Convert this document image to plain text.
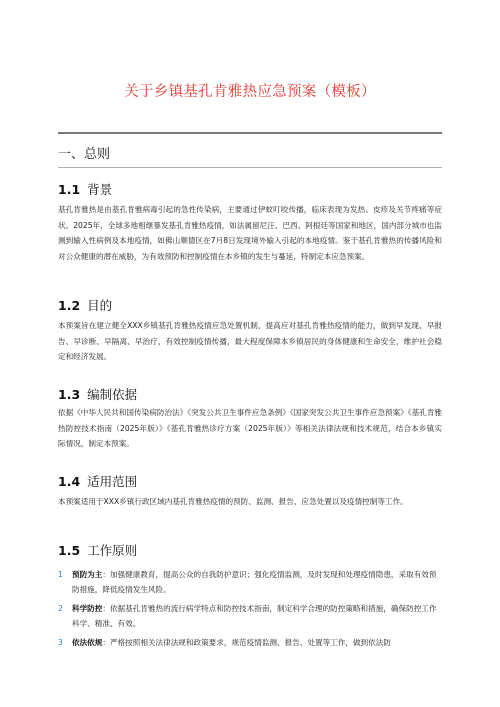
关于乡镇基孔肯雅热应急预案（模板）
一、总则
1.1 背景
基孔肯雅热是由基孔肯雅病毒引起的急性传染病，主要通过伊蚊叮咬传播，临床表现为发热、皮疹及关节疼痛等症状。2025年，全球多地相继暴发基孔肯雅热疫情，如法属留尼汪、巴西、阿根廷等国家和地区，国内部分城市也监测到输入性病例及本地疫情，如佛山顺德区在7月8日发现境外输入引起的本地疫情。鉴于基孔肯雅热的传播风险和对公众健康的潜在威胁，为有效预防和控制疫情在本乡镇的发生与蔓延，特制定本应急预案。
1.2 目的
本预案旨在建立健全XXX乡镇基孔肯雅热疫情应急处置机制，提高应对基孔肯雅热疫情的能力，做到早发现、早报告、早诊断、早隔离、早治疗，有效控制疫情传播，最大程度保障本乡镇居民的身体健康和生命安全，维护社会稳定和经济发展。
1.3 编制依据
依据《中华人民共和国传染病防治法》《突发公共卫生事件应急条例》《国家突发公共卫生事件应急预案》《基孔肯雅热防控技术指南（2025年版）》《基孔肯雅热诊疗方案（2025年版）》等相关法律法规和技术规范，结合本乡镇实际情况，制定本预案。
1.4 适用范围
本预案适用于XXX乡镇行政区域内基孔肯雅热疫情的预防、监测、报告、应急处置以及疫情控制等工作。
1.5 工作原则
1 预防为主：加强健康教育，提高公众的自我防护意识；强化疫情监测，及时发现和处理疫情隐患，采取有效预防措施，降低疫情发生风险。
2 科学防控：依据基孔肯雅热的流行病学特点和防控技术指南，制定科学合理的防控策略和措施，确保防控工作科学、精准、有效。
3 依法依规：严格按照相关法律法规和政策要求，规范疫情监测、报告、处置等工作，做到依法防
